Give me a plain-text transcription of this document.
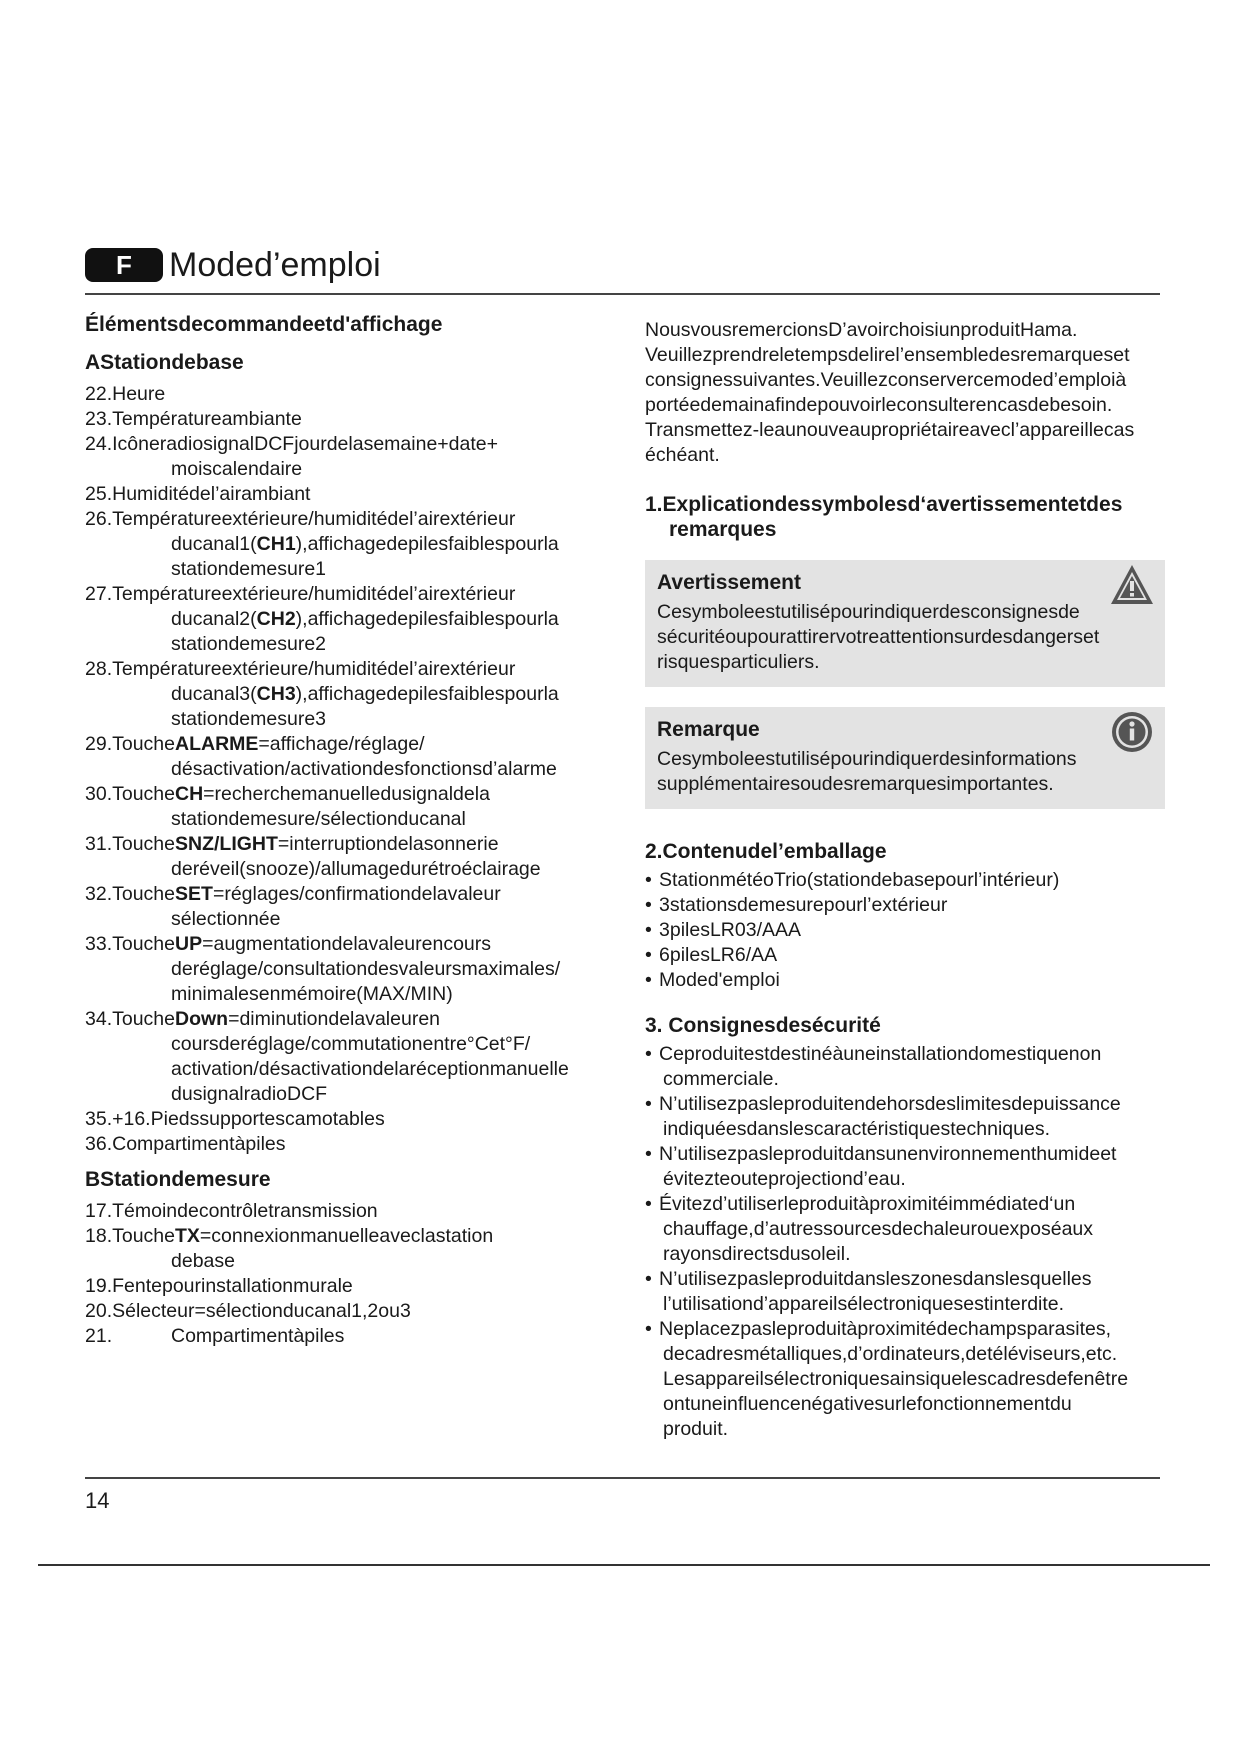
F	Moded’emploi
Élémentsdecommandeetd'affichage
AStationdebase
22.Heure
23.Températureambiante
24.IcôneradiosignalDCFjourdelasemaine+date+
moiscalendaire
25.Humiditédel’airambiant
26.Températureextérieure/humiditédel’airextérieur
ducanal1(CH1),affichagedepilesfaiblespourla
stationdemesure1
27.Températureextérieure/humiditédel’airextérieur
ducanal2(CH2),affichagedepilesfaiblespourla
stationdemesure2
28.Températureextérieure/humiditédel’airextérieur
ducanal3(CH3),affichagedepilesfaiblespourla
stationdemesure3
29.ToucheALARME=affichage/réglage/
désactivation/activationdesfonctionsd’alarme
30.ToucheCH=recherchemanuelledusignaldela
stationdemesure/sélectionducanal
31.ToucheSNZ/LIGHT=interruptiondelasonnerie
deréveil(snooze)/allumagedurétroéclairage
32.ToucheSET=réglages/confirmationdelavaleur
sélectionnée
33.ToucheUP=augmentationdelavaleurencours
deréglage/consultationdesvaleursmaximales/
minimalesenmémoire(MAX/MIN)
34.ToucheDown=diminutiondelavaleuren
coursderéglage/commutationentre°Cet°F/
activation/désactivationdelaréceptionmanuelle
dusignalradioDCF
35.+16.Piedssupportescamotables
36.Compartimentàpiles
BStationdemesure
17.Témoindecontrôletransmission
18.ToucheTX=connexionmanuelleaveclastation
debase
19.Fentepourinstallationmurale
20.Sélecteur=sélectionducanal1,2ou3
21.	Compartimentàpiles

NousvousremercionsD’avoirchoisiunproduitHama.

Veuillezprendreletempsdelirel’ensembledesremarqueset

consignessuivantes.Veuillezconservercemoded’emploià

portéedemainafindepouvoirleconsulterencasdebesoin.

Transmettez-leaunouveaupropriétaireavecl’appareillecas

échéant.

1.Explicationdessymbolesd‘avertissementetdes
remarques
Avertissement
Cesymboleestutilisépourindiquerdesconsignesde
sécuritéoupourattirervotreattentionsurdesdangerset
risquesparticuliers.
Remarque
Cesymboleestutilisépourindiquerdesinformations
supplémentairesoudesremarquesimportantes.
2.Contenudel’emballage
• StationmétéoTrio(stationdebasepourl’intérieur)
• 3stationsdemesurepourl’extérieur
• 3pilesLR03/AAA
• 6pilesLR6/AA
• Moded'emploi
3. Consignesdesécurité
• Ceproduitestdestinéàuneinstallationdomestiquenon
commerciale.
• N’utilisezpasleproduitendehorsdeslimitesdepuissance
indiquéesdanslescaractéristiquestechniques.
• N’utilisezpasleproduitdansunenvironnementhumideet
évitezteouteprojectiond’eau.
• Évitezd’utiliserleproduitàproximitéimmédiated‘un
chauffage,d’autressourcesdechaleurouexposéaux
rayonsdirectsdusoleil.
• N’utilisezpasleproduitdansleszonesdanslesquelles
l’utilisationd’appareilsélectroniquesestinterdite.
• Neplacezpasleproduitàproximitédechampsparasites,
decadresmétalliques,d’ordinateurs,detéléviseurs,etc.
Lesappareilsélectroniquesainsiquelescadresdefenêtre
ontuneinfluencenégativesurlefonctionnementdu
produit.
14
